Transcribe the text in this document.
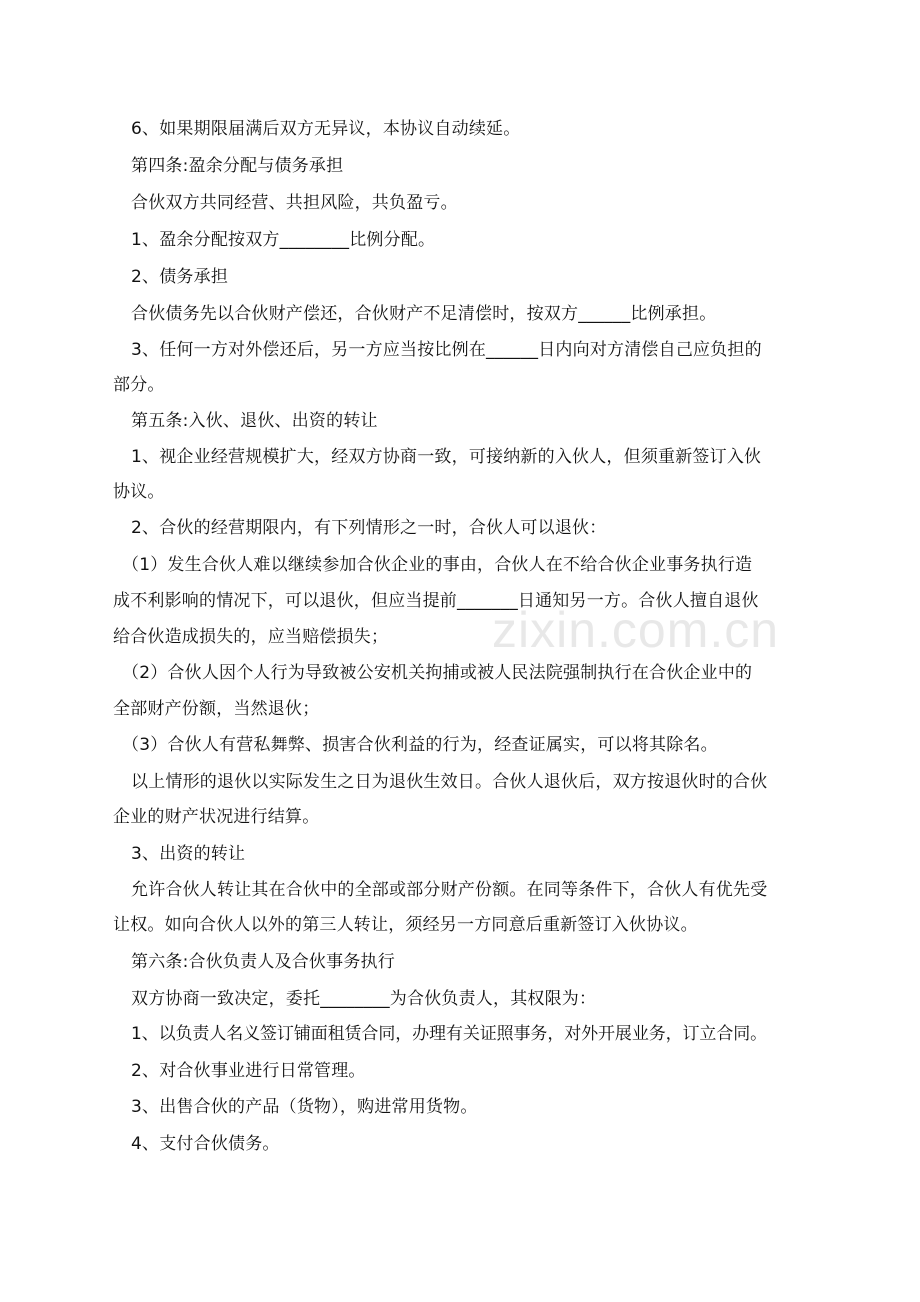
6、如果期限届满后双方无异议，本协议自动续延。
第四条:盈余分配与债务承担
合伙双方共同经营、共担风险，共负盈亏。
1、盈余分配按双方________比例分配。
2、债务承担
合伙债务先以合伙财产偿还，合伙财产不足清偿时，按双方______比例承担。
3、任何一方对外偿还后，另一方应当按比例在______日内向对方清偿自己应负担的
部分。
第五条:入伙、退伙、出资的转让
1、视企业经营规模扩大，经双方协商一致，可接纳新的入伙人，但须重新签订入伙
协议。
2、合伙的经营期限内，有下列情形之一时，合伙人可以退伙：
（1）发生合伙人难以继续参加合伙企业的事由，合伙人在不给合伙企业事务执行造
成不利影响的情况下，可以退伙，但应当提前_______日通知另一方。合伙人擅自退伙
给合伙造成损失的，应当赔偿损失；
（2）合伙人因个人行为导致被公安机关拘捕或被人民法院强制执行在合伙企业中的
全部财产份额，当然退伙；
（3）合伙人有营私舞弊、损害合伙利益的行为，经查证属实，可以将其除名。
以上情形的退伙以实际发生之日为退伙生效日。合伙人退伙后，双方按退伙时的合伙
企业的财产状况进行结算。
3、出资的转让
允许合伙人转让其在合伙中的全部或部分财产份额。在同等条件下，合伙人有优先受
让权。如向合伙人以外的第三人转让，须经另一方同意后重新签订入伙协议。
第六条:合伙负责人及合伙事务执行
双方协商一致决定，委托________为合伙负责人，其权限为：
1、以负责人名义签订铺面租赁合同，办理有关证照事务，对外开展业务，订立合同。
2、对合伙事业进行日常管理。
3、出售合伙的产品（货物），购进常用货物。
4、支付合伙债务。
zixin.com.cn
